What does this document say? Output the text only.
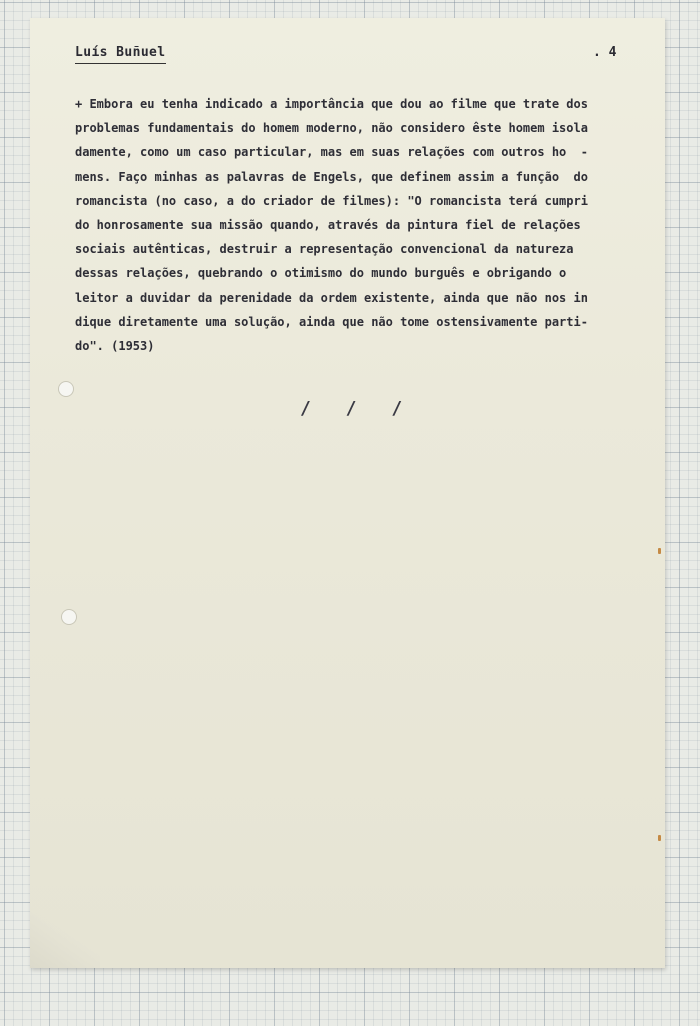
Luís Buñuel	. 4

+ Embora eu tenha indicado a importância que dou ao filme que trate dos
problemas fundamentais do homem moderno, não considero êste homem isola
damente, como um caso particular, mas em suas relações com outros ho  -
mens. Faço minhas as palavras de Engels, que definem assim a função  do
romancista (no caso, a do criador de filmes): "O romancista terá cumpri
do honrosamente sua missão quando, através da pintura fiel de relações
sociais autênticas, destruir a representação convencional da natureza
dessas relações, quebrando o otimismo do mundo burguês e obrigando o
leitor a duvidar da perenidade da ordem existente, ainda que não nos in
dique diretamente uma solução, ainda que não tome ostensivamente parti-
do". (1953)

/ / /
